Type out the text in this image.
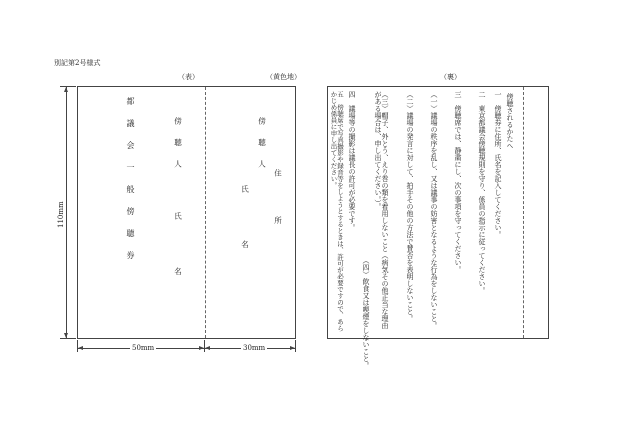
別記第2号様式
（表）	（黄色地）	（裏）
都議会一般傍聴券	傍聴人
氏名
傍聴人
氏名	住所
110mm
50mm	30mm
傍聴されるかたへ
一　傍聴券に住所、氏名を記入してください。
二　東京都議会傍聴規則を守り、係員の指示に従ってください。
三　傍聴席では、静粛にし、次の事項を守ってください。
（一）議場の秩序を乱し、又は議事の妨害となるような行為をしないこと。
（二）議場の発言に対して、拍手その他の方法で賛否を表明しないこと。
（三）帽子、外とう、えり巻の類を着用しないこと（病気その他正当な理由がある場合は、申し出てください。）。
（四）飲食又は喫煙をしないこと。
四　議場等の撮影は議長の許可が必要です。
五　傍聴席で写真撮影や録音等をしようとするときは、許可が必要ですので、あらかじめ係員に申し出てください。
